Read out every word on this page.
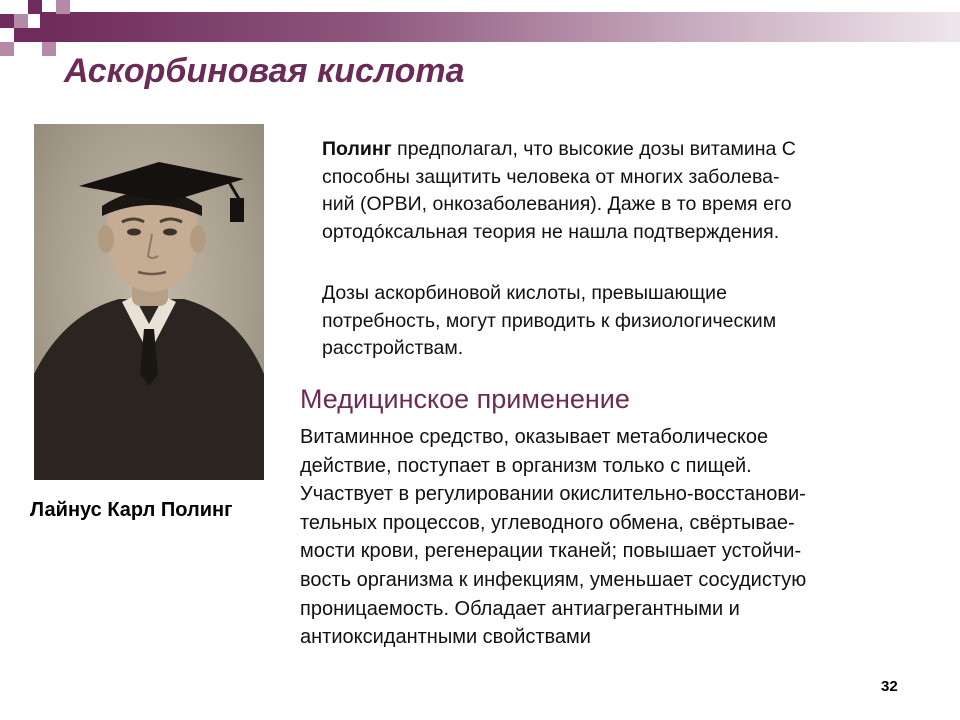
Аскорбиновая кислота

Лайнус Карл Полинг

Полинг предполагал, что высокие дозы витамина С
способны защитить человека от многих заболева-
ний (ОРВИ, онкозаболевания). Даже в то время его
ортодóксальная теория не нашла подтверждения.

Дозы аскорбиновой кислоты, превышающие
потребность, могут приводить к физиологическим
расстройствам.

Медицинское применение

Витаминное средство, оказывает метаболическое
действие, поступает в организм только с пищей.
Участвует в регулировании окислительно-восстанови-
тельных процессов, углеводного обмена, свёртывае-
мости крови, регенерации тканей; повышает устойчи-
вость организма к инфекциям, уменьшает сосудистую
проницаемость. Обладает антиагрегантными и
антиоксидантными свойствами

32
